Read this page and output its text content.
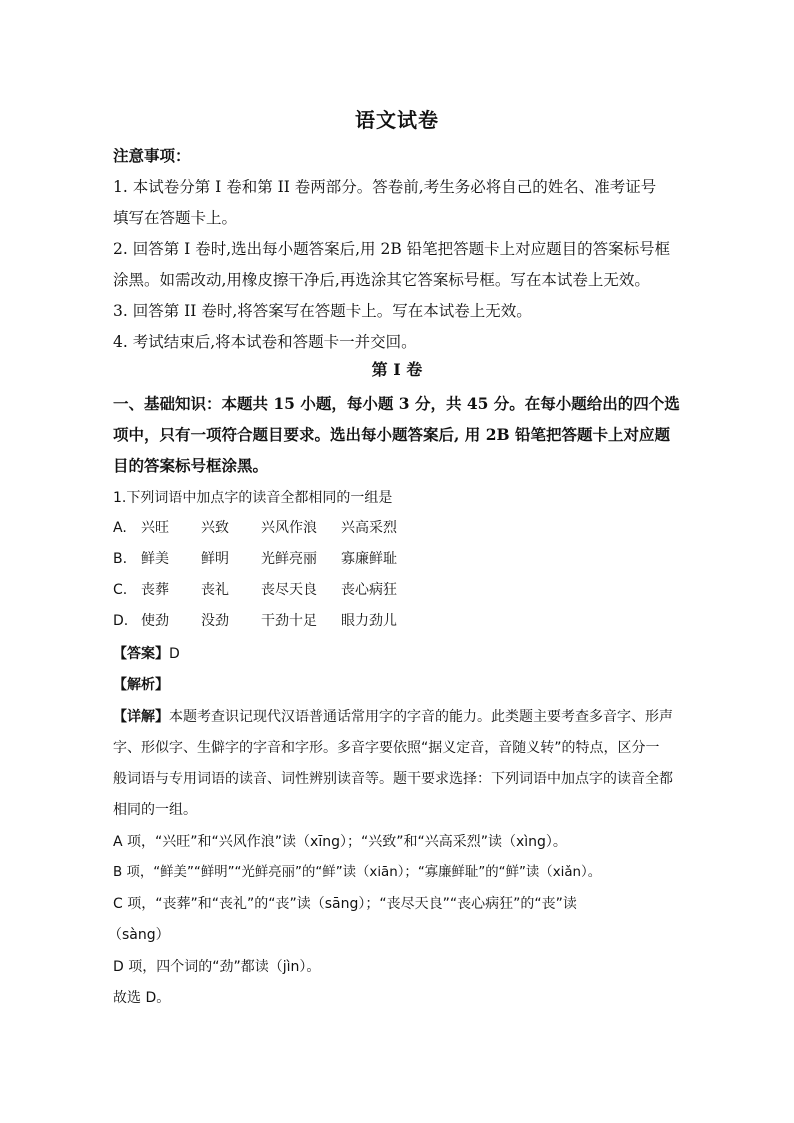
语文试卷
注意事项：
1. 本试卷分第 I 卷和第 II 卷两部分。答卷前,考生务必将自己的姓名、准考证号
填写在答题卡上。
2. 回答第 I 卷时,选出每小题答案后,用 2B 铅笔把答题卡上对应题目的答案标号框
涂黑。如需改动,用橡皮擦干净后,再选涂其它答案标号框。写在本试卷上无效。
3. 回答第 II 卷时,将答案写在答题卡上。写在本试卷上无效。
4. 考试结束后,将本试卷和答题卡一并交回。
第 I 卷
一、基础知识：本题共 15 小题，每小题 3 分，共 45 分。在每小题给出的四个选
项中，只有一项符合题目要求。选出每小题答案后, 用 2B 铅笔把答题卡上对应题
目的答案标号框涂黑。
1.下列词语中加点字的读音全都相同的一组是
A. 兴旺 兴致 兴风作浪 兴高采烈
B. 鲜美 鲜明 光鲜亮丽 寡廉鲜耻
C. 丧葬 丧礼 丧尽天良 丧心病狂
D. 使劲 没劲 干劲十足 眼力劲儿
【答案】D
【解析】
【详解】本题考查识记现代汉语普通话常用字的字音的能力。此类题主要考查多音字、形声
字、形似字、生僻字的字音和字形。多音字要依照“据义定音，音随义转”的特点，区分一
般词语与专用词语的读音、词性辨别读音等。题干要求选择：下列词语中加点字的读音全都
相同的一组。
A 项，“兴旺”和“兴风作浪”读（xīng）；“兴致”和“兴高采烈”读（xìng）。
B 项，“鲜美”“鲜明”“光鲜亮丽”的“鲜”读（xiān）；“寡廉鲜耻”的“鲜”读（xiǎn）。
C 项，“丧葬”和“丧礼”的“丧”读（sāng）；“丧尽天良”“丧心病狂”的“丧”读
（sàng）
D 项，四个词的“劲”都读（jìn）。
故选 D。
